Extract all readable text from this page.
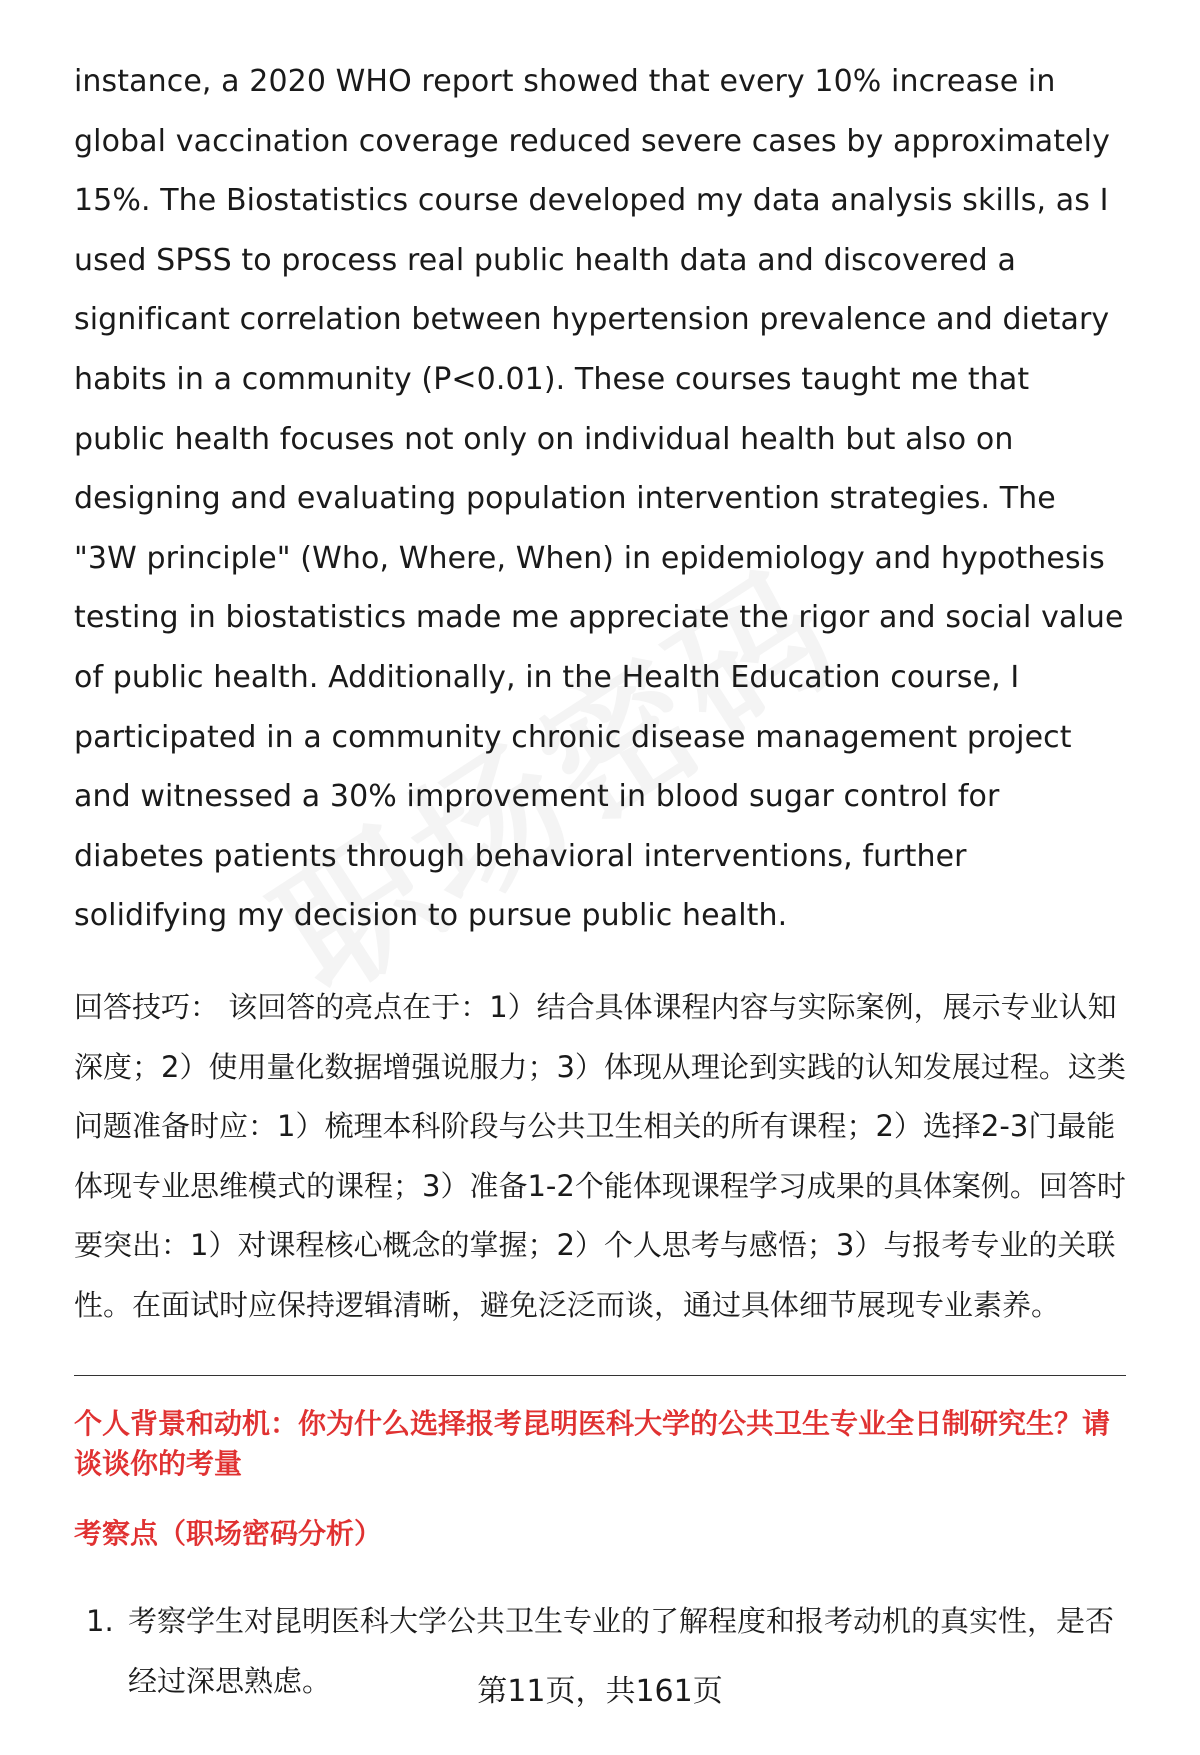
instance, a 2020 WHO report showed that every 10% increase in global vaccination coverage reduced severe cases by approximately 15%. The Biostatistics course developed my data analysis skills, as I used SPSS to process real public health data and discovered a significant correlation between hypertension prevalence and dietary habits in a community (P<0.01). These courses taught me that public health focuses not only on individual health but also on designing and evaluating population intervention strategies. The "3W principle" (Who, Where, When) in epidemiology and hypothesis testing in biostatistics made me appreciate the rigor and social value of public health. Additionally, in the Health Education course, I participated in a community chronic disease management project and witnessed a 30% improvement in blood sugar control for diabetes patients through behavioral interventions, further solidifying my decision to pursue public health.

回答技巧： 该回答的亮点在于：1）结合具体课程内容与实际案例，展示专业认知深度；2）使用量化数据增强说服力；3）体现从理论到实践的认知发展过程。这类问题准备时应：1）梳理本科阶段与公共卫生相关的所有课程；2）选择2-3门最能体现专业思维模式的课程；3）准备1-2个能体现课程学习成果的具体案例。回答时要突出：1）对课程核心概念的掌握；2）个人思考与感悟；3）与报考专业的关联性。在面试时应保持逻辑清晰，避免泛泛而谈，通过具体细节展现专业素养。

个人背景和动机：你为什么选择报考昆明医科大学的公共卫生专业全日制研究生？请谈谈你的考量

考察点（职场密码分析）

1. 考察学生对昆明医科大学公共卫生专业的了解程度和报考动机的真实性，是否经过深思熟虑。	第11页，共161页
